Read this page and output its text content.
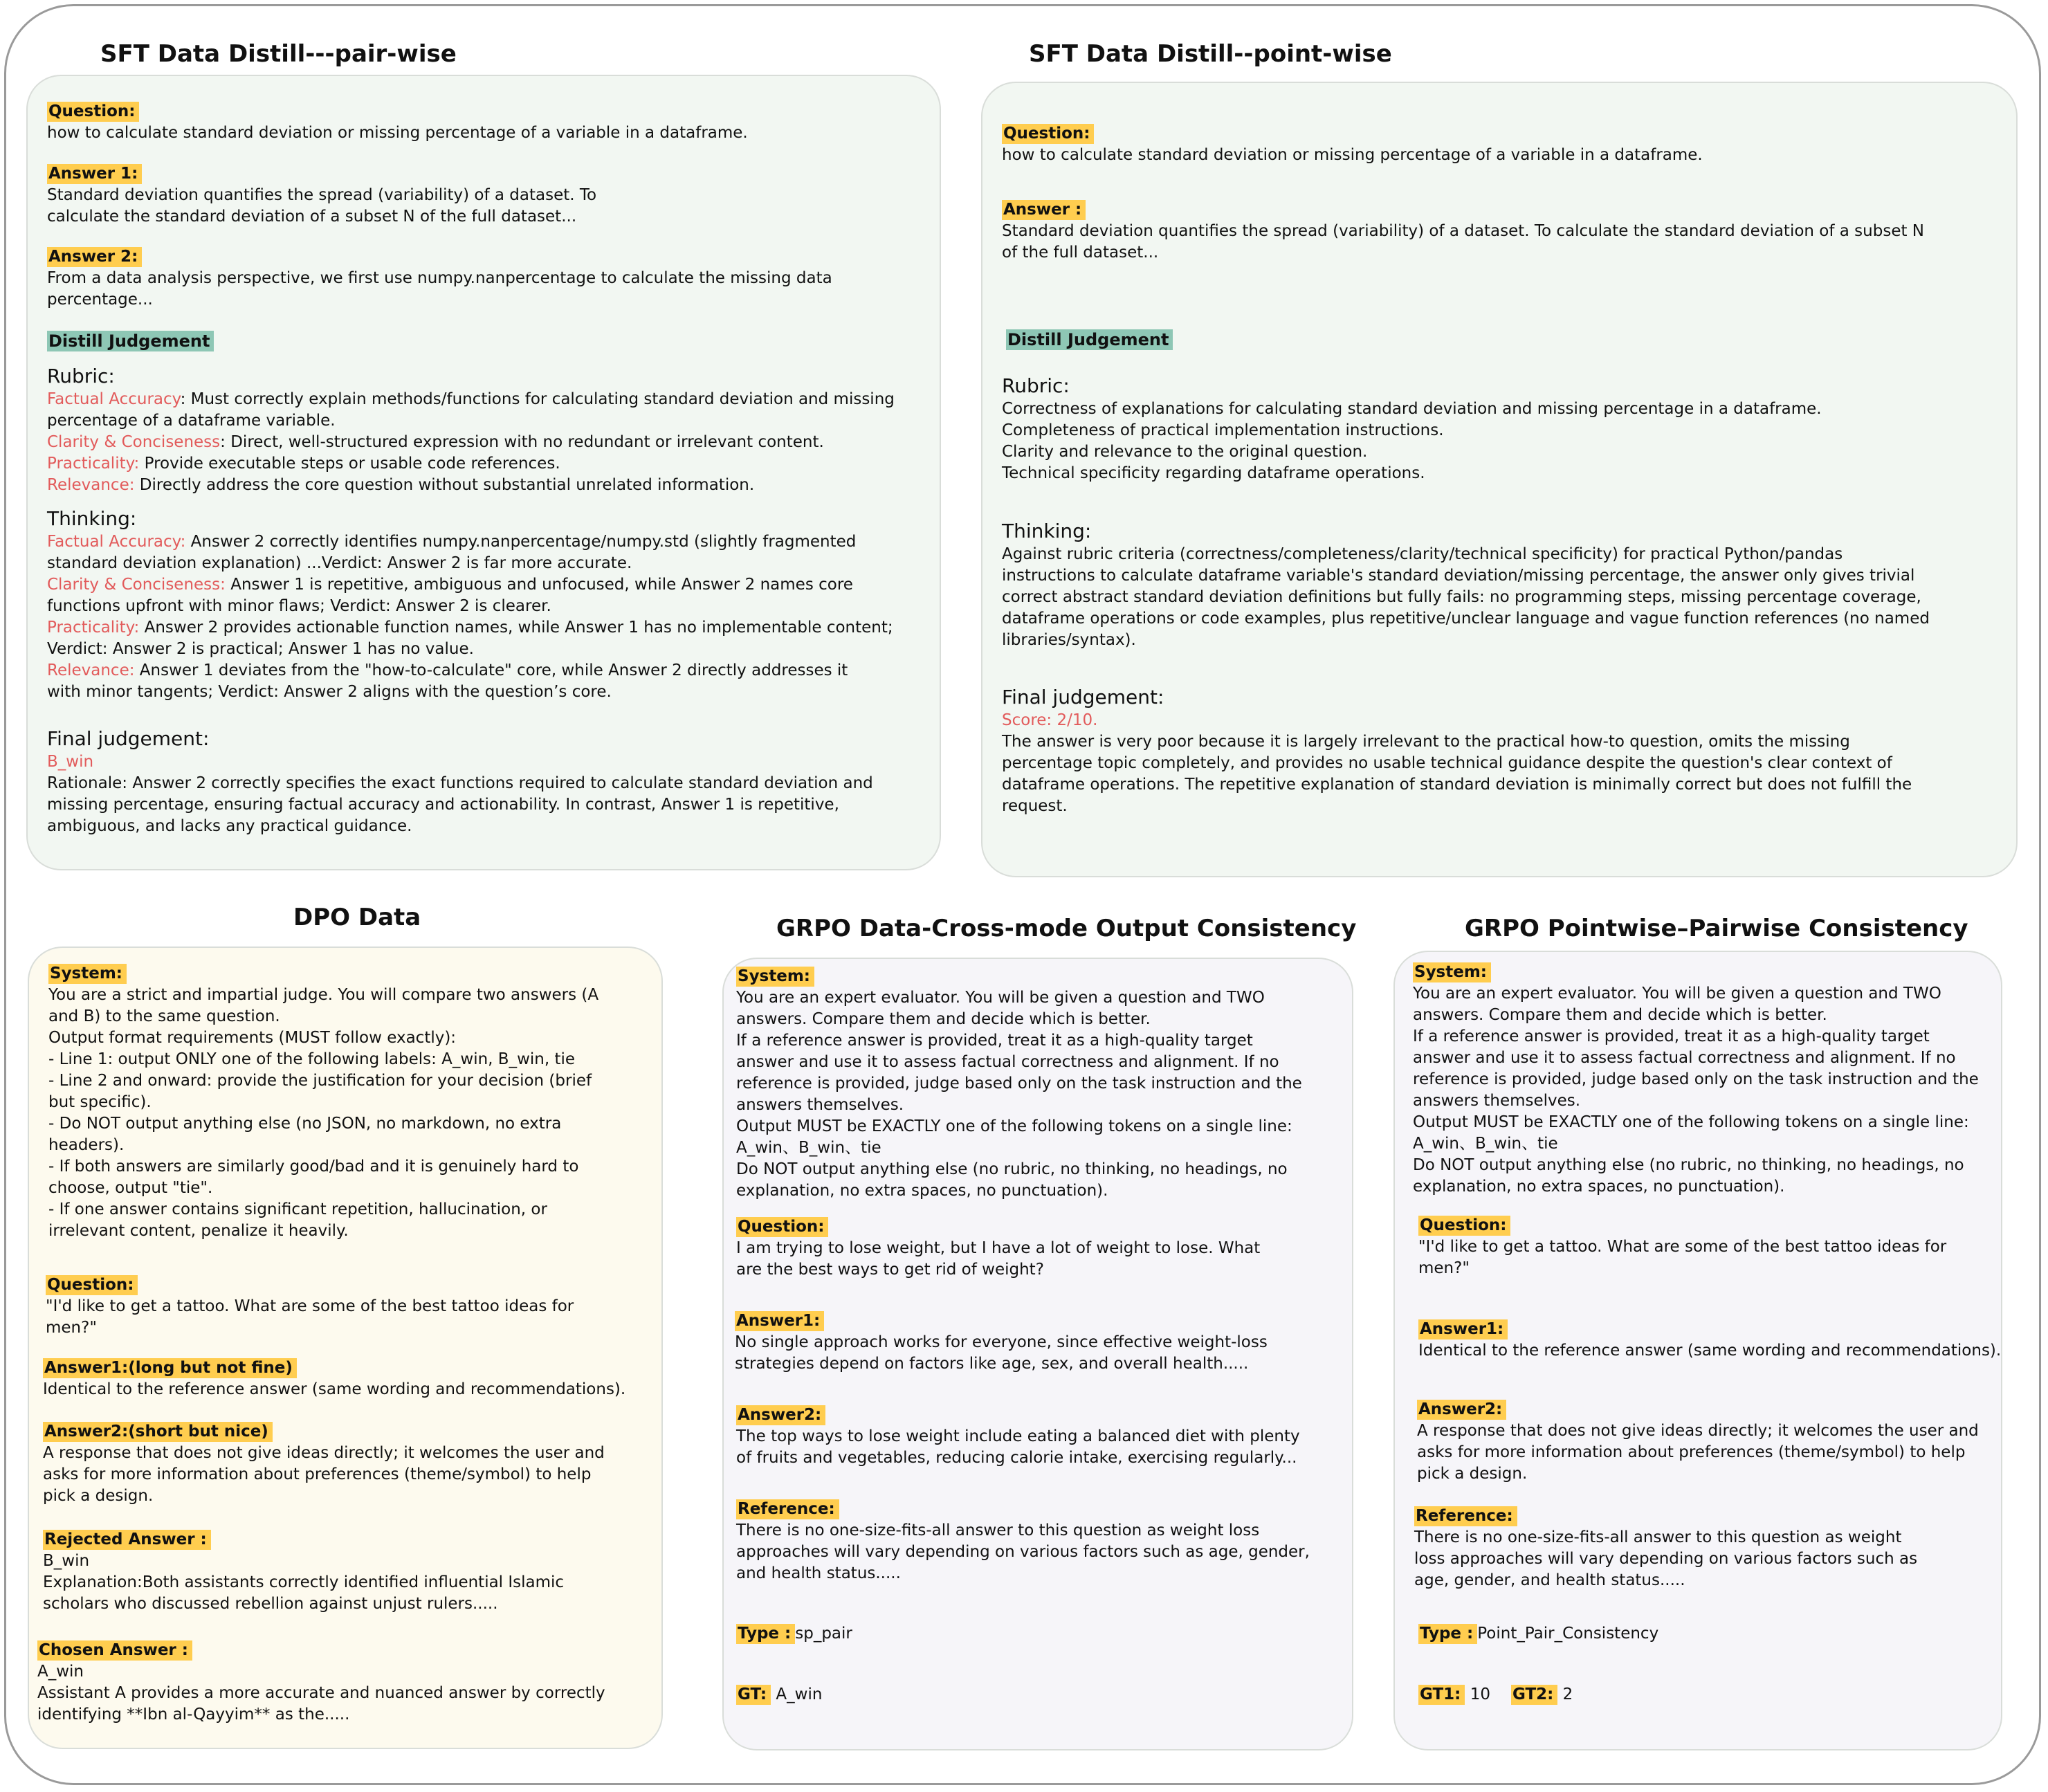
SFT Data Distill---pair-wise	SFT Data Distill--point-wise
DPO Data	GRPO Data-Cross-mode Output Consistency	GRPO Pointwise–Pairwise Consistency
Question:
how to calculate standard deviation or missing percentage of a variable in a dataframe.
Answer 1:
Standard deviation quantifies the spread (variability) of a dataset. To
calculate the standard deviation of a subset N of the full dataset...
Answer 2:
From a data analysis perspective, we first use numpy.nanpercentage to calculate the missing data
percentage...
Distill Judgement
Rubric:
Factual Accuracy: Must correctly explain methods/functions for calculating standard deviation and missing
percentage of a dataframe variable.
Clarity & Conciseness: Direct, well-structured expression with no redundant or irrelevant content.
Practicality: Provide executable steps or usable code references.
Relevance: Directly address the core question without substantial unrelated information.
Thinking:
Factual Accuracy: Answer 2 correctly identifies numpy.nanpercentage/numpy.std (slightly fragmented
standard deviation explanation) ...Verdict: Answer 2 is far more accurate.
Clarity & Conciseness: Answer 1 is repetitive, ambiguous and unfocused, while Answer 2 names core
functions upfront with minor flaws; Verdict: Answer 2 is clearer.
Practicality: Answer 2 provides actionable function names, while Answer 1 has no implementable content;
Verdict: Answer 2 is practical; Answer 1 has no value.
Relevance: Answer 1 deviates from the "how-to-calculate" core, while Answer 2 directly addresses it
with minor tangents; Verdict: Answer 2 aligns with the question’s core.
Final judgement:
B_win
Rationale: Answer 2 correctly specifies the exact functions required to calculate standard deviation and
missing percentage, ensuring factual accuracy and actionability. In contrast, Answer 1 is repetitive,
ambiguous, and lacks any practical guidance.
Question:
how to calculate standard deviation or missing percentage of a variable in a dataframe.
Answer :
Standard deviation quantifies the spread (variability) of a dataset. To calculate the standard deviation of a subset N
of the full dataset...
Distill Judgement
Rubric:
Correctness of explanations for calculating standard deviation and missing percentage in a dataframe.
Completeness of practical implementation instructions.
Clarity and relevance to the original question.
Technical specificity regarding dataframe operations.
Thinking:
Against rubric criteria (correctness/completeness/clarity/technical specificity) for practical Python/pandas
instructions to calculate dataframe variable's standard deviation/missing percentage, the answer only gives trivial
correct abstract standard deviation definitions but fully fails: no programming steps, missing percentage coverage,
dataframe operations or code examples, plus repetitive/unclear language and vague function references (no named
libraries/syntax).
Final judgement:
Score: 2/10.
The answer is very poor because it is largely irrelevant to the practical how-to question, omits the missing
percentage topic completely, and provides no usable technical guidance despite the question's clear context of
dataframe operations. The repetitive explanation of standard deviation is minimally correct but does not fulfill the
request.
System:
You are a strict and impartial judge. You will compare two answers (A
and B) to the same question.
Output format requirements (MUST follow exactly):
- Line 1: output ONLY one of the following labels: A_win, B_win, tie
- Line 2 and onward: provide the justification for your decision (brief
but specific).
- Do NOT output anything else (no JSON, no markdown, no extra
headers).
- If both answers are similarly good/bad and it is genuinely hard to
choose, output "tie".
- If one answer contains significant repetition, hallucination, or
irrelevant content, penalize it heavily.
Question:
"I'd like to get a tattoo. What are some of the best tattoo ideas for
men?"
Answer1:(long but not fine)
Identical to the reference answer (same wording and recommendations).
Answer2:(short but nice)
A response that does not give ideas directly; it welcomes the user and
asks for more information about preferences (theme/symbol) to help
pick a design.
Rejected Answer :
B_win
Explanation:Both assistants correctly identified influential Islamic
scholars who discussed rebellion against unjust rulers.....
Chosen Answer :
A_win
Assistant A provides a more accurate and nuanced answer by correctly
identifying **Ibn al-Qayyim** as the.....
System:
You are an expert evaluator. You will be given a question and TWO
answers. Compare them and decide which is better.
If a reference answer is provided, treat it as a high-quality target
answer and use it to assess factual correctness and alignment. If no
reference is provided, judge based only on the task instruction and the
answers themselves.
Output MUST be EXACTLY one of the following tokens on a single line:
A_win、B_win、tie
Do NOT output anything else (no rubric, no thinking, no headings, no
explanation, no extra spaces, no punctuation).
Question:
I am trying to lose weight, but I have a lot of weight to lose. What
are the best ways to get rid of weight?
Answer1:
No single approach works for everyone, since effective weight-loss
strategies depend on factors like age, sex, and overall health.....
Answer2:
The top ways to lose weight include eating a balanced diet with plenty
of fruits and vegetables, reducing calorie intake, exercising regularly...
Reference:
There is no one-size-fits-all answer to this question as weight loss
approaches will vary depending on various factors such as age, gender,
and health status.....
Type : sp_pair
GT:
A_win
System:
You are an expert evaluator. You will be given a question and TWO
answers. Compare them and decide which is better.
If a reference answer is provided, treat it as a high-quality target
answer and use it to assess factual correctness and alignment. If no
reference is provided, judge based only on the task instruction and the
answers themselves.
Output MUST be EXACTLY one of the following tokens on a single line:
A_win、B_win、tie
Do NOT output anything else (no rubric, no thinking, no headings, no
explanation, no extra spaces, no punctuation).
Question:
"I'd like to get a tattoo. What are some of the best tattoo ideas for
men?"
Answer1:
Identical to the reference answer (same wording and recommendations).
Answer2:
A response that does not give ideas directly; it welcomes the user and
asks for more information about preferences (theme/symbol) to help
pick a design.
Reference:
There is no one-size-fits-all answer to this question as weight
loss approaches will vary depending on various factors such as
age, gender, and health status.....
Type : Point_Pair_Consistency
GT1:
10 GT2:
2
